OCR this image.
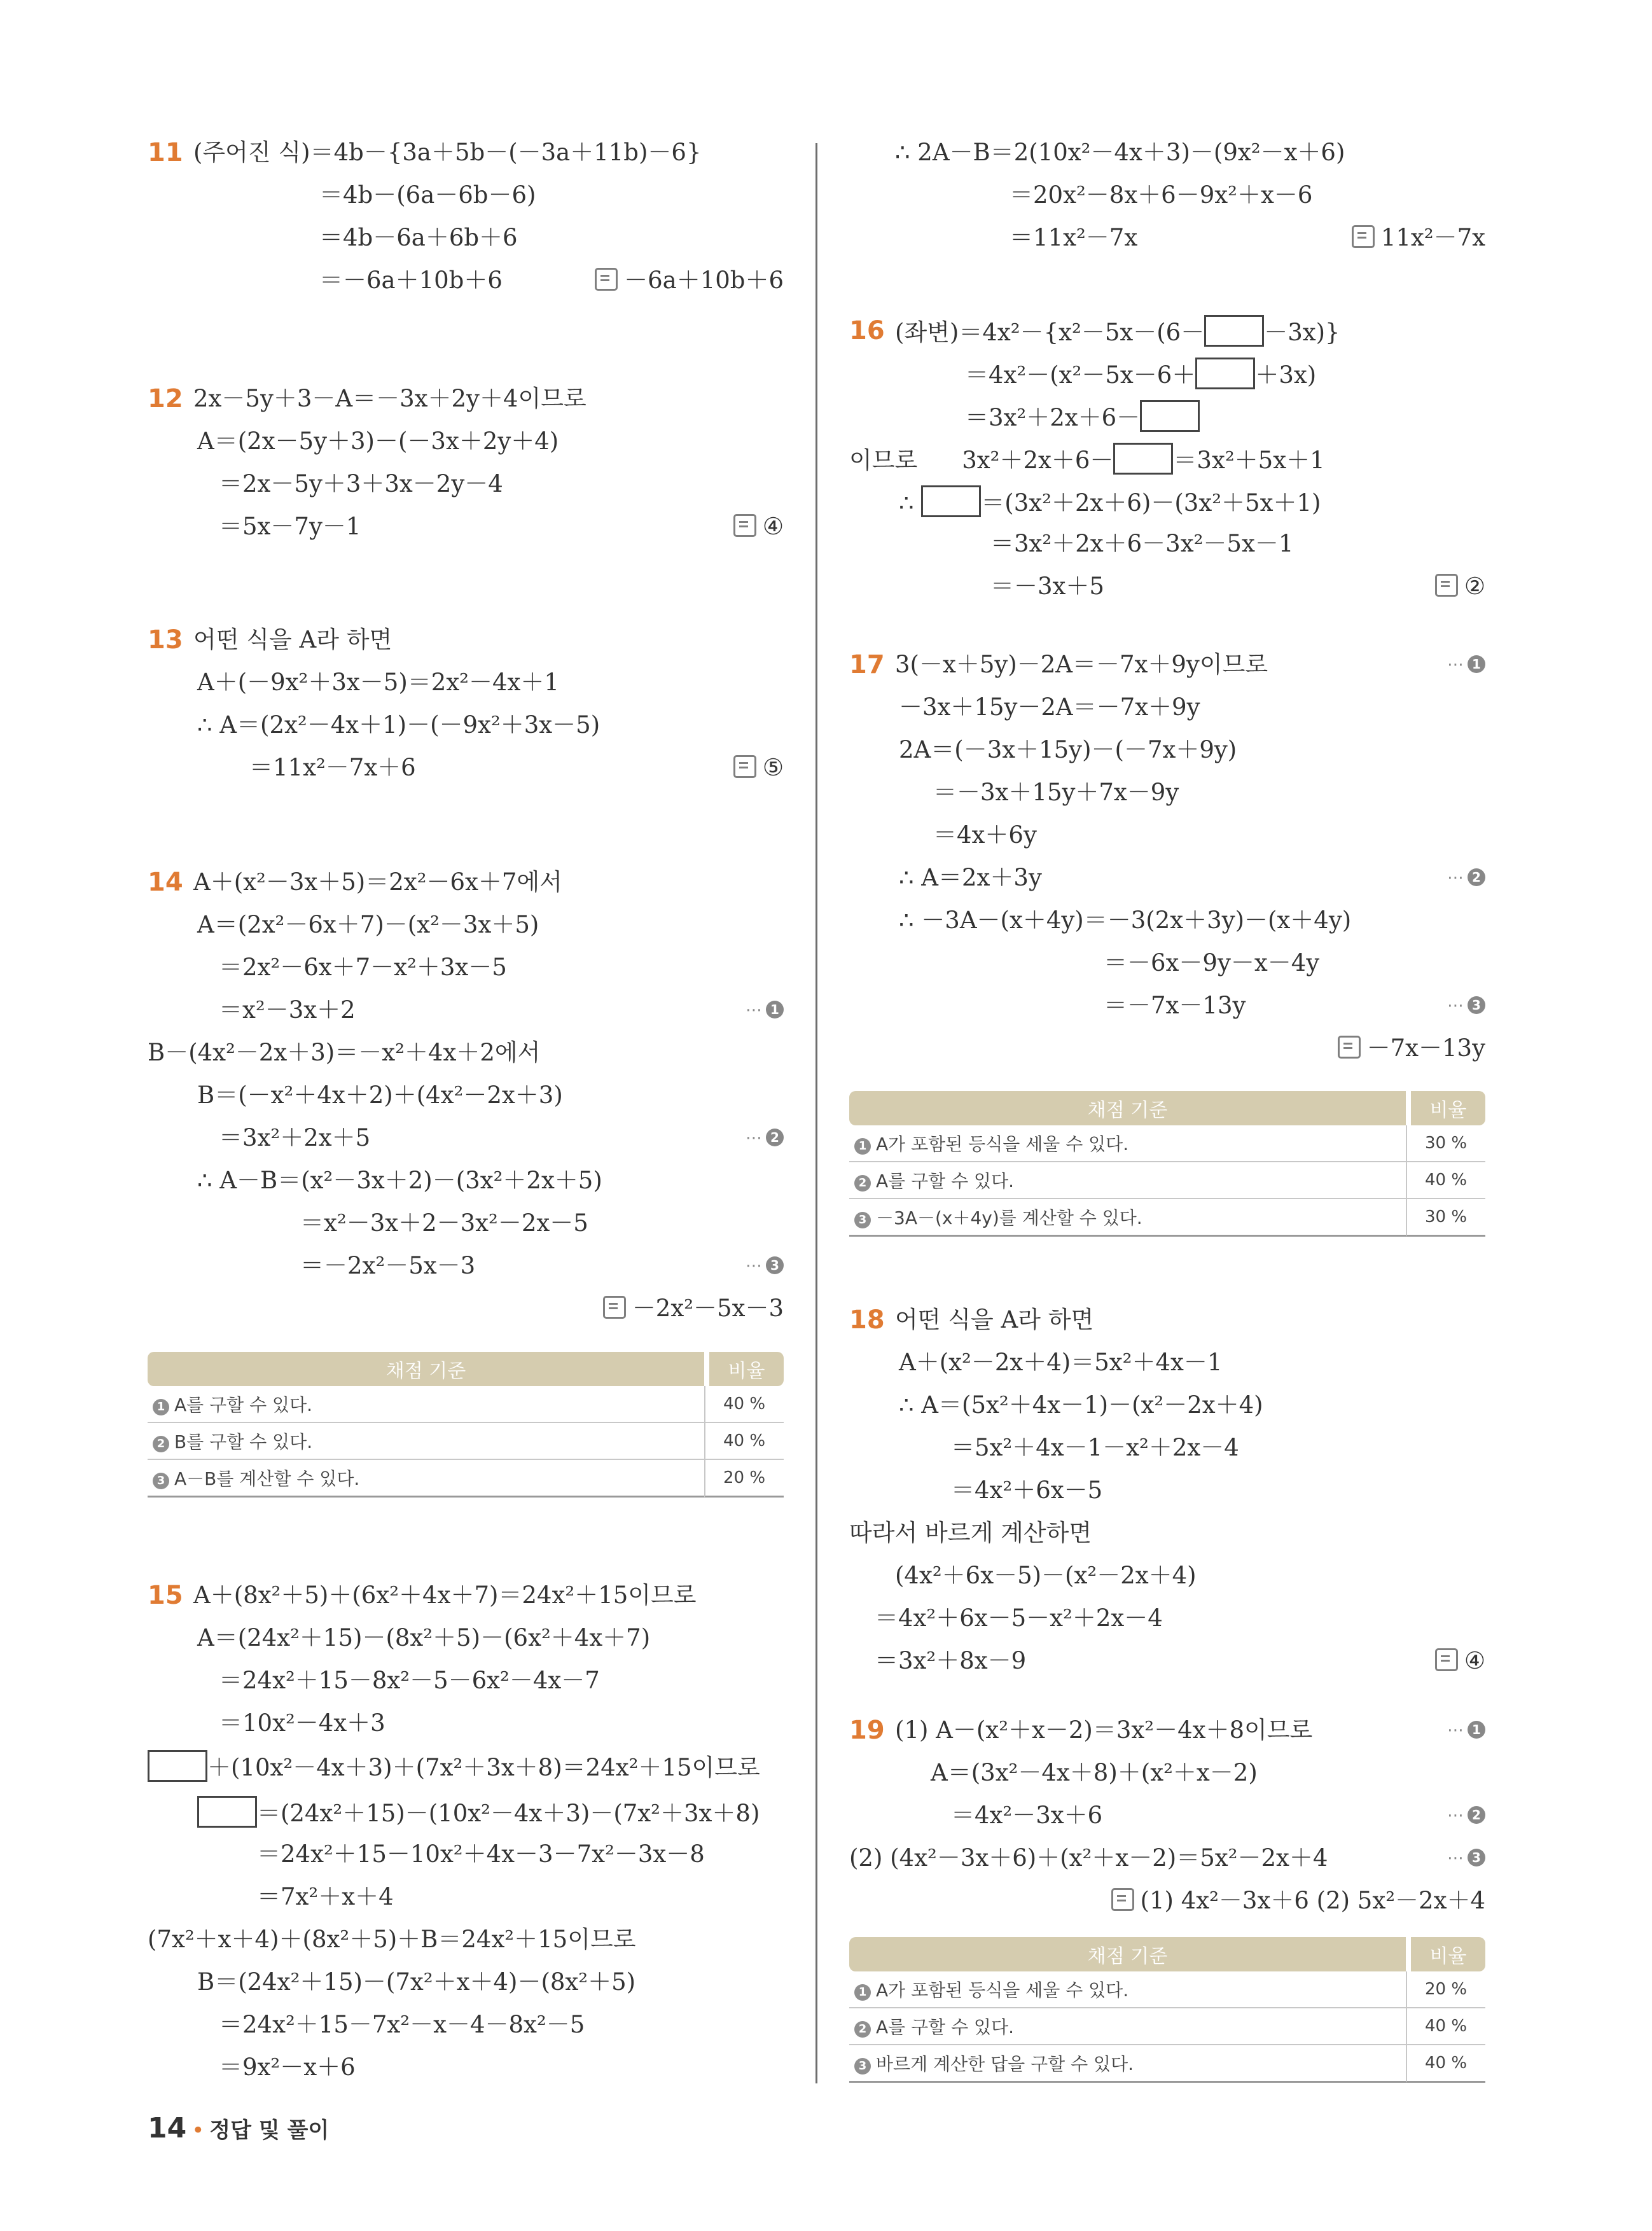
11 (주어진 식)＝4b－{3a＋5b－(－3a＋11b)－6}
＝4b－(6a－6b－6)
＝4b－6a＋6b＋6
＝－6a＋10b＋6	－6a＋10b＋6
12 2x－5y＋3－A＝－3x＋2y＋4이므로
A＝(2x－5y＋3)－(－3x＋2y＋4)
＝2x－5y＋3＋3x－2y－4
＝5x－7y－1	④
13 어떤 식을 A라 하면
A＋(－9x²＋3x－5)＝2x²－4x＋1
∴ A＝(2x²－4x＋1)－(－9x²＋3x－5)
＝11x²－7x＋6	⑤
14 A＋(x²－3x＋5)＝2x²－6x＋7에서
A＝(2x²－6x＋7)－(x²－3x＋5)
＝2x²－6x＋7－x²＋3x－5
＝x²－3x＋2	⋯ 1
B－(4x²－2x＋3)＝－x²＋4x＋2에서
B＝(－x²＋4x＋2)＋(4x²－2x＋3)
＝3x²＋2x＋5	⋯ 2
∴ A－B＝(x²－3x＋2)－(3x²＋2x＋5)
＝x²－3x＋2－3x²－2x－5
＝－2x²－5x－3	⋯ 3
－2x²－5x－3
채점 기준	비율
1 A를 구할 수 있다.	40 %
2 B를 구할 수 있다.	40 %
3 A－B를 계산할 수 있다.	20 %
15 A＋(8x²＋5)＋(6x²＋4x＋7)＝24x²＋15이므로
A＝(24x²＋15)－(8x²＋5)－(6x²＋4x＋7)
＝24x²＋15－8x²－5－6x²－4x－7
＝10x²－4x＋3
＋(10x²－4x＋3)＋(7x²＋3x＋8)＝24x²＋15이므로
＝(24x²＋15)－(10x²－4x＋3)－(7x²＋3x＋8)
＝24x²＋15－10x²＋4x－3－7x²－3x－8
＝7x²＋x＋4
(7x²＋x＋4)＋(8x²＋5)＋B＝24x²＋15이므로
B＝(24x²＋15)－(7x²＋x＋4)－(8x²＋5)
＝24x²＋15－7x²－x－4－8x²－5
＝9x²－x＋6
∴ 2A－B＝2(10x²－4x＋3)－(9x²－x＋6)
＝20x²－8x＋6－9x²＋x－6
＝11x²－7x	11x²－7x
16 (좌변)＝4x²－{x²－5x－(6－	－3x)}
＝4x²－(x²－5x－6＋	＋3x)
＝3x²＋2x＋6－
이므로 3x²＋2x＋6－	＝3x²＋5x＋1
∴	＝(3x²＋2x＋6)－(3x²＋5x＋1)
＝3x²＋2x＋6－3x²－5x－1
＝－3x＋5	②
17 3(－x＋5y)－2A＝－7x＋9y이므로	⋯ 1
－3x＋15y－2A＝－7x＋9y
2A＝(－3x＋15y)－(－7x＋9y)
＝－3x＋15y＋7x－9y
＝4x＋6y
∴ A＝2x＋3y	⋯ 2
∴ －3A－(x＋4y)＝－3(2x＋3y)－(x＋4y)
＝－6x－9y－x－4y
＝－7x－13y	⋯ 3
－7x－13y
채점 기준	비율
1 A가 포함된 등식을 세울 수 있다.	30 %
2 A를 구할 수 있다.	40 %
3 －3A－(x＋4y)를 계산할 수 있다.	30 %
18 어떤 식을 A라 하면
A＋(x²－2x＋4)＝5x²＋4x－1
∴ A＝(5x²＋4x－1)－(x²－2x＋4)
＝5x²＋4x－1－x²＋2x－4
＝4x²＋6x－5
따라서 바르게 계산하면
(4x²＋6x－5)－(x²－2x＋4)
＝4x²＋6x－5－x²＋2x－4
＝3x²＋8x－9	④
19 (1) A－(x²＋x－2)＝3x²－4x＋8이므로	⋯ 1
A＝(3x²－4x＋8)＋(x²＋x－2)
＝4x²－3x＋6	⋯ 2
(2) (4x²－3x＋6)＋(x²＋x－2)＝5x²－2x＋4	⋯ 3
(1) 4x²－3x＋6 (2) 5x²－2x＋4
채점 기준	비율
1 A가 포함된 등식을 세울 수 있다.	20 %
2 A를 구할 수 있다.	40 %
3 바르게 계산한 답을 구할 수 있다.	40 %
14 • 정답 및 풀이
